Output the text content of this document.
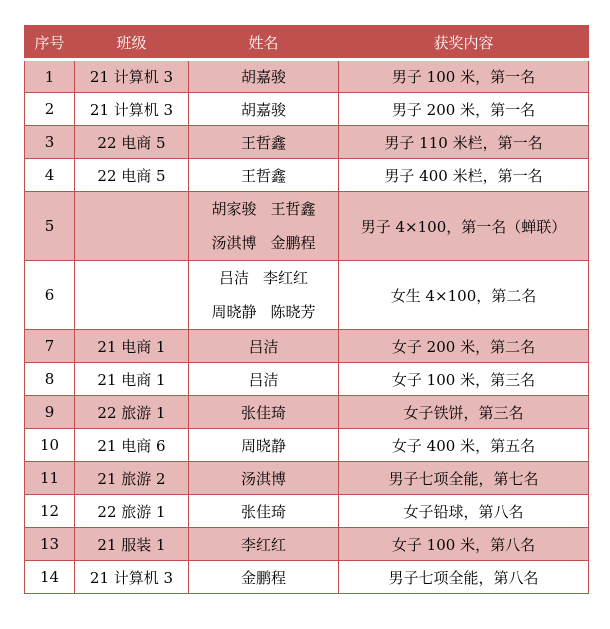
序号	班级	姓名	获奖内容
1	21 计算机 3	胡嘉骏	男子 100 米，第一名
2	21 计算机 3	胡嘉骏	男子 200 米，第一名
3	22 电商 5	王哲鑫	男子 110 米栏，第一名
4	22 电商 5	王哲鑫	男子 400 米栏，第一名
5		胡家骏 王哲鑫
汤淇博 金鹏程	男子 4×100，第一名（蝉联）
6		吕洁 李红红
周晓静 陈晓芳	女生 4×100，第二名
7	21 电商 1	吕洁	女子 200 米，第二名
8	21 电商 1	吕洁	女子 100 米，第三名
9	22 旅游 1	张佳琦	女子铁饼，第三名
10	21 电商 6	周晓静	女子 400 米，第五名
11	21 旅游 2	汤淇博	男子七项全能，第七名
12	22 旅游 1	张佳琦	女子铅球，第八名
13	21 服装 1	李红红	女子 100 米，第八名
14	21 计算机 3	金鹏程	男子七项全能，第八名
